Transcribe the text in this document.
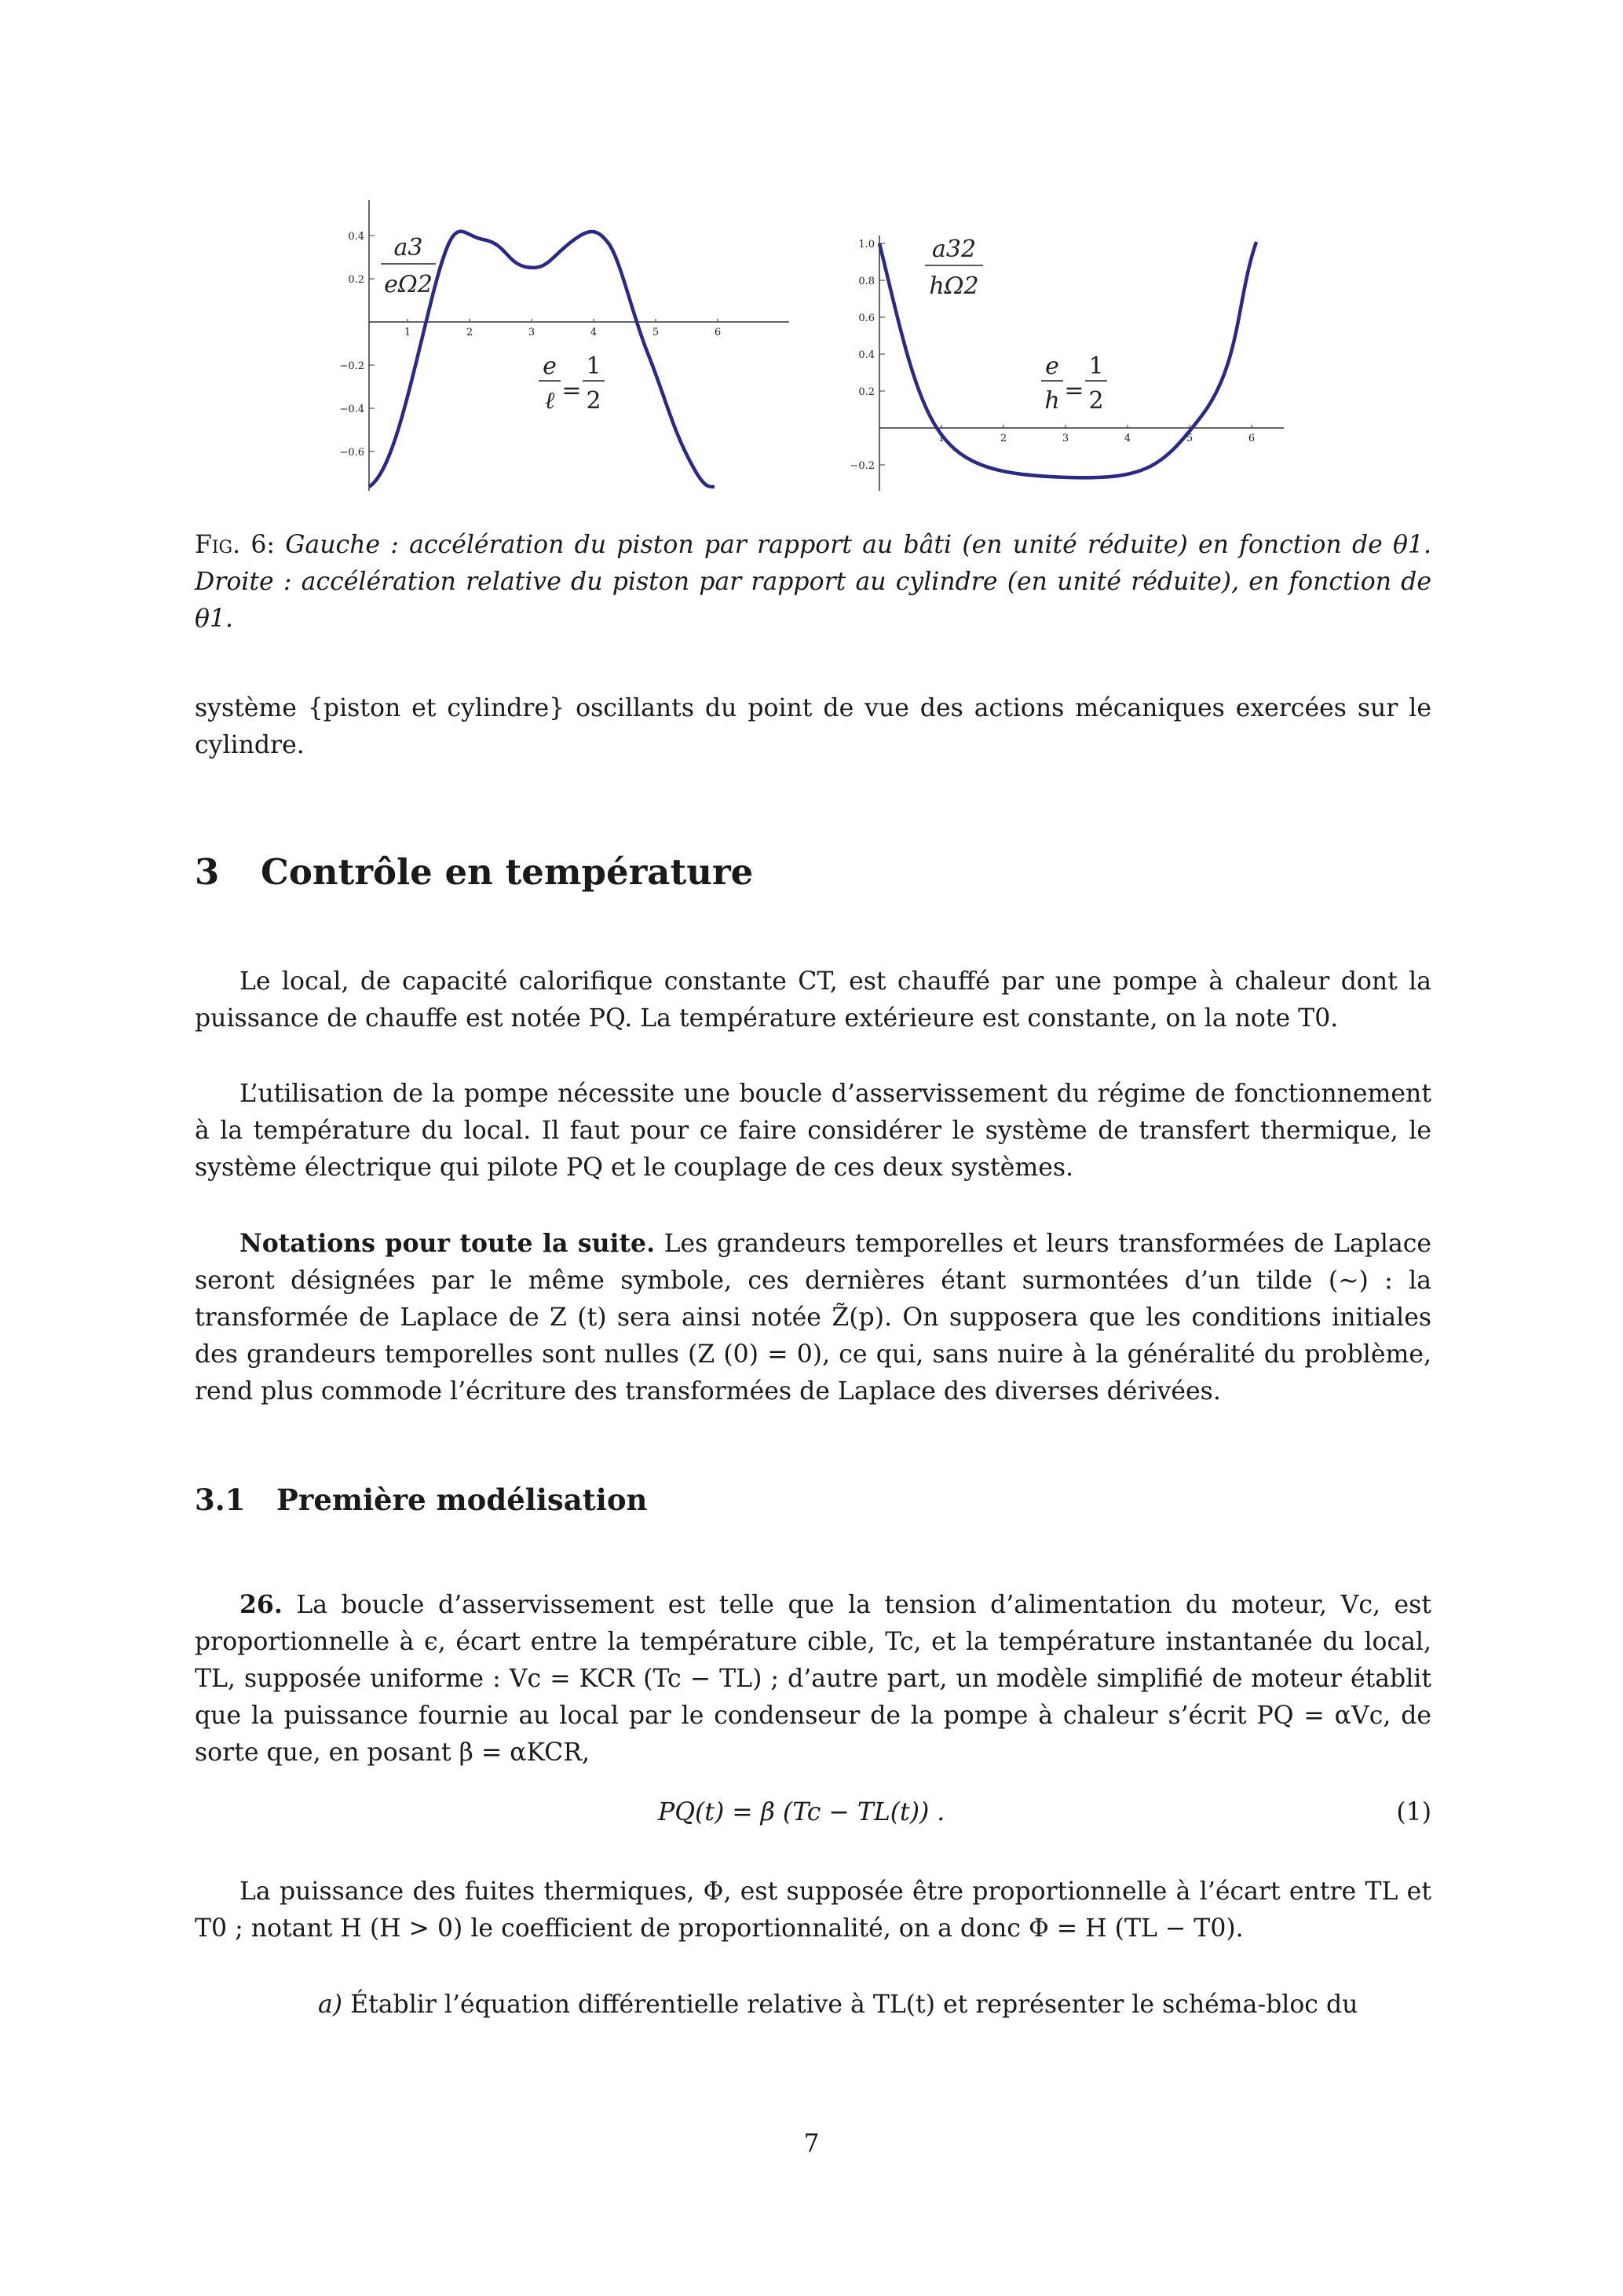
0.4
0.2
−0.2
−0.4
−0.6
1	2	3	4	5	6
a3
eΩ2
e
ℓ =
1
2
1.0
0.8
0.6
0.4
0.2
−0.2
1	2	3	4	5	6
a32
hΩ2
e
h =
1
2
Fig. 6: Gauche : accélération du piston par rapport au bâti (en unité réduite) en fonction de θ1. Droite : accélération relative du piston par rapport au cylindre (en unité réduite), en fonction de θ1.
système {piston et cylindre} oscillants du point de vue des actions mécaniques exercées sur le cylindre.
3 Contrôle en température
Le local, de capacité calorifique constante CT, est chauffé par une pompe à chaleur dont la puissance de chauffe est notée PQ. La température extérieure est constante, on la note T0.
L’utilisation de la pompe nécessite une boucle d’asservissement du régime de fonctionnement à la température du local. Il faut pour ce faire considérer le système de transfert thermique, le système électrique qui pilote PQ et le couplage de ces deux systèmes.
Notations pour toute la suite. Les grandeurs temporelles et leurs transformées de Laplace seront désignées par le même symbole, ces dernières étant surmontées d’un tilde (∼) : la transformée de Laplace de Z (t) sera ainsi notée Z̃(p). On supposera que les conditions initiales des grandeurs temporelles sont nulles (Z (0) = 0), ce qui, sans nuire à la généralité du problème, rend plus commode l’écriture des transformées de Laplace des diverses dérivées.
3.1 Première modélisation
26. La boucle d’asservissement est telle que la tension d’alimentation du moteur, Vc, est proportionnelle à ϵ, écart entre la température cible, Tc, et la température instantanée du local, TL, supposée uniforme : Vc = KCR (Tc − TL) ; d’autre part, un modèle simplifié de moteur établit que la puissance fournie au local par le condenseur de la pompe à chaleur s’écrit PQ = αVc, de sorte que, en posant β = αKCR,
PQ(t) = β (Tc − TL(t)) .	(1)
La puissance des fuites thermiques, Φ, est supposée être proportionnelle à l’écart entre TL et T0 ; notant H (H > 0) le coefficient de proportionnalité, on a donc Φ = H (TL − T0).
a) Établir l’équation différentielle relative à TL(t) et représenter le schéma-bloc du
7
